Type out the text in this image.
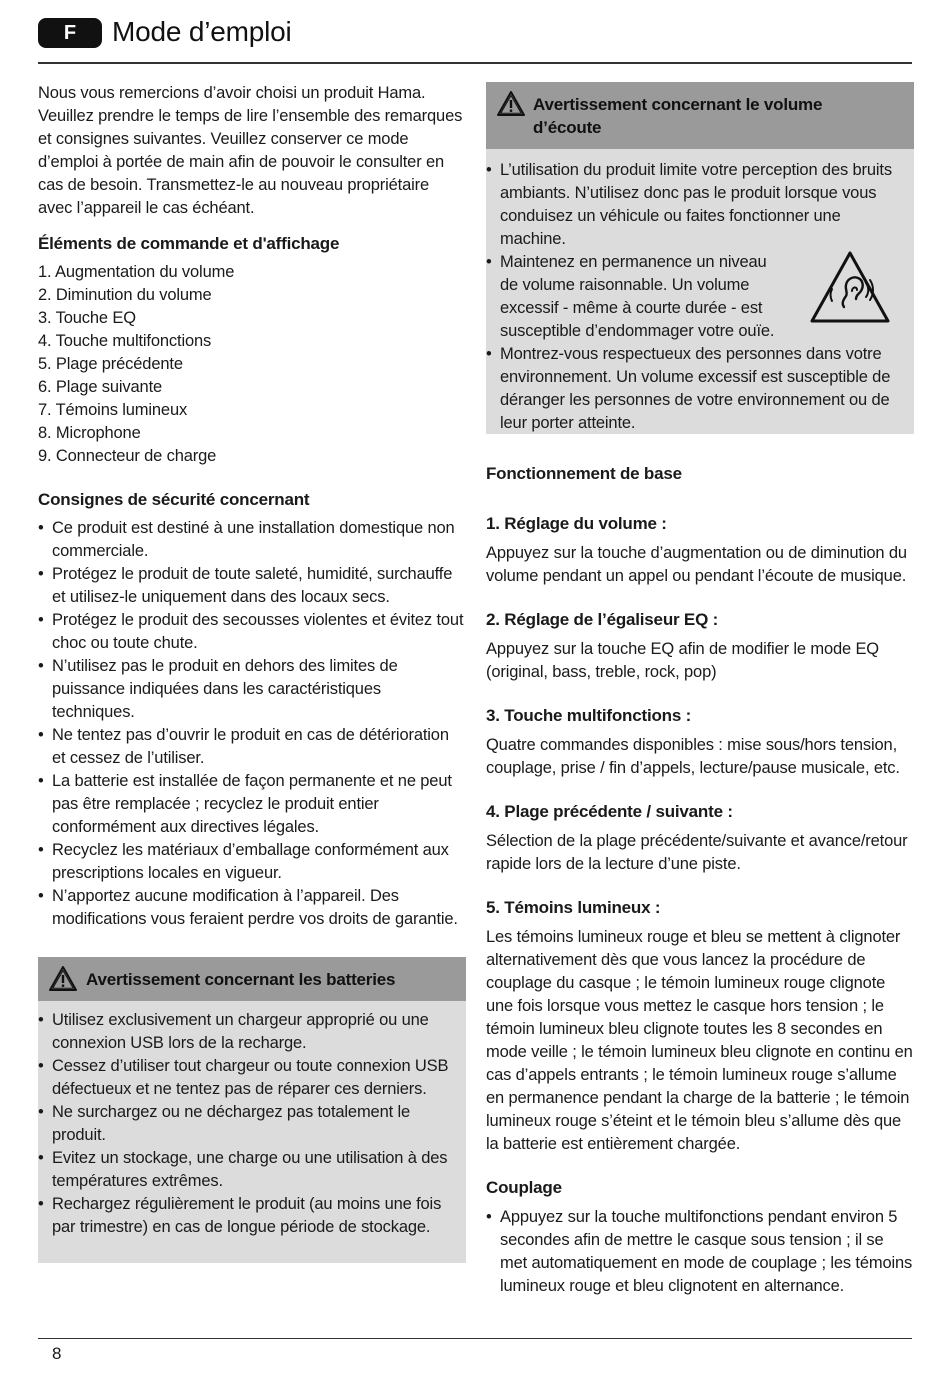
F	Mode d’emploi

Nous vous remercions d’avoir choisi un produit Hama. Veuillez prendre le temps de lire l’ensemble des remarques et consignes suivantes. Veuillez conserver ce mode d’emploi à portée de main afin de pouvoir le consulter en cas de besoin. Transmettez-le au nouveau propriétaire avec l’appareil le cas échéant.

Éléments de commande et d'affichage
1. Augmentation du volume
2. Diminution du volume
3. Touche EQ
4. Touche multifonctions
5. Plage précédente
6. Plage suivante
7. Témoins lumineux
8. Microphone
9. Connecteur de charge
Consignes de sécurité concernant
• Ce produit est destiné à une installation domestique non commerciale.
• Protégez le produit de toute saleté, humidité, surchauffe et utilisez-le uniquement dans des locaux secs.
• Protégez le produit des secousses violentes et évitez tout choc ou toute chute.
• N’utilisez pas le produit en dehors des limites de puissance indiquées dans les caractéristiques techniques.
• Ne tentez pas d’ouvrir le produit en cas de détérioration et cessez de l’utiliser.
• La batterie est installée de façon permanente et ne peut pas être remplacée ; recyclez le produit entier conformément aux directives légales.
• Recyclez les matériaux d’emballage conformément aux prescriptions locales en vigueur.
• N’apportez aucune modification à l’appareil. Des modifications vous feraient perdre vos droits de garantie.
Avertissement concernant les batteries
• Utilisez exclusivement un chargeur approprié ou une connexion USB lors de la recharge.
• Cessez d’utiliser tout chargeur ou toute connexion USB défectueux et ne tentez pas de réparer ces derniers.
• Ne surchargez ou ne déchargez pas totalement le produit.
• Evitez un stockage, une charge ou une utilisation à des températures extrêmes.
• Rechargez régulièrement le produit (au moins une fois par trimestre) en cas de longue période de stockage.
Avertissement concernant le volume d’écoute
• L’utilisation du produit limite votre perception des bruits ambiants. N’utilisez donc pas le produit lorsque vous conduisez un véhicule ou faites fonctionner une machine.
• Maintenez en permanence un niveau de volume raisonnable. Un volume excessif - même à courte durée - est susceptible d’endommager votre ouïe.
• Montrez-vous respectueux des personnes dans votre environnement. Un volume excessif est susceptible de déranger les personnes de votre environnement ou de leur porter atteinte.
Fonctionnement de base
1. Réglage du volume :

Appuyez sur la touche d’augmentation ou de diminution du volume pendant un appel ou pendant l’écoute de musique.

2. Réglage de l’égaliseur EQ :

Appuyez sur la touche EQ afin de modifier le mode EQ (original, bass, treble, rock, pop)

3. Touche multifonctions :

Quatre commandes disponibles : mise sous/hors tension, couplage, prise / fin d’appels, lecture/pause musicale, etc.

4. Plage précédente / suivante :

Sélection de la plage précédente/suivante et avance/retour rapide lors de la lecture d’une piste.

5. Témoins lumineux :

Les témoins lumineux rouge et bleu se mettent à clignoter alternativement dès que vous lancez la procédure de couplage du casque ; le témoin lumineux rouge clignote une fois lorsque vous mettez le casque hors tension ; le témoin lumineux bleu clignote toutes les 8 secondes en mode veille ; le témoin lumineux bleu clignote en continu en cas d’appels entrants ; le témoin lumineux rouge s’allume en permanence pendant la charge de la batterie ; le témoin lumineux rouge s’éteint et le témoin bleu s’allume dès que la batterie est entièrement chargée.

Couplage
• Appuyez sur la touche multifonctions pendant environ 5 secondes afin de mettre le casque sous tension ; il se met automatiquement en mode de couplage ; les témoins lumineux rouge et bleu clignotent en alternance.
8
